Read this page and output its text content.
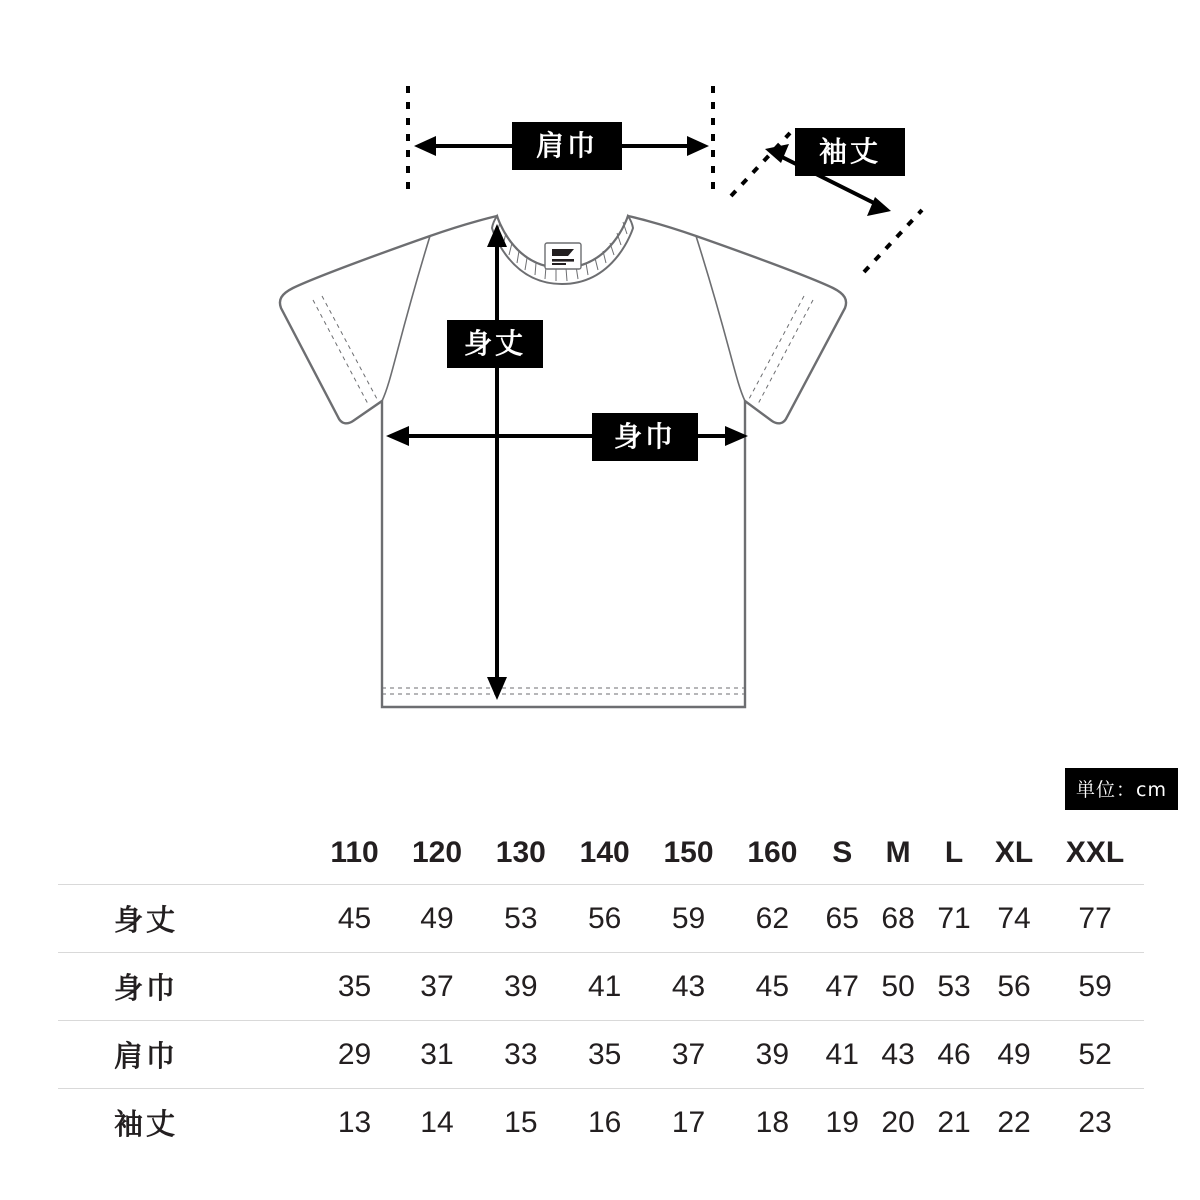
肩巾	袖丈
身丈
身巾
単位：cm
	110	120	130	140	150	160	S	M	L	XL	XXL
身丈	45	49	53	56	59	62	65	68	71	74	77
身巾	35	37	39	41	43	45	47	50	53	56	59
肩巾	29	31	33	35	37	39	41	43	46	49	52
袖丈	13	14	15	16	17	18	19	20	21	22	23
